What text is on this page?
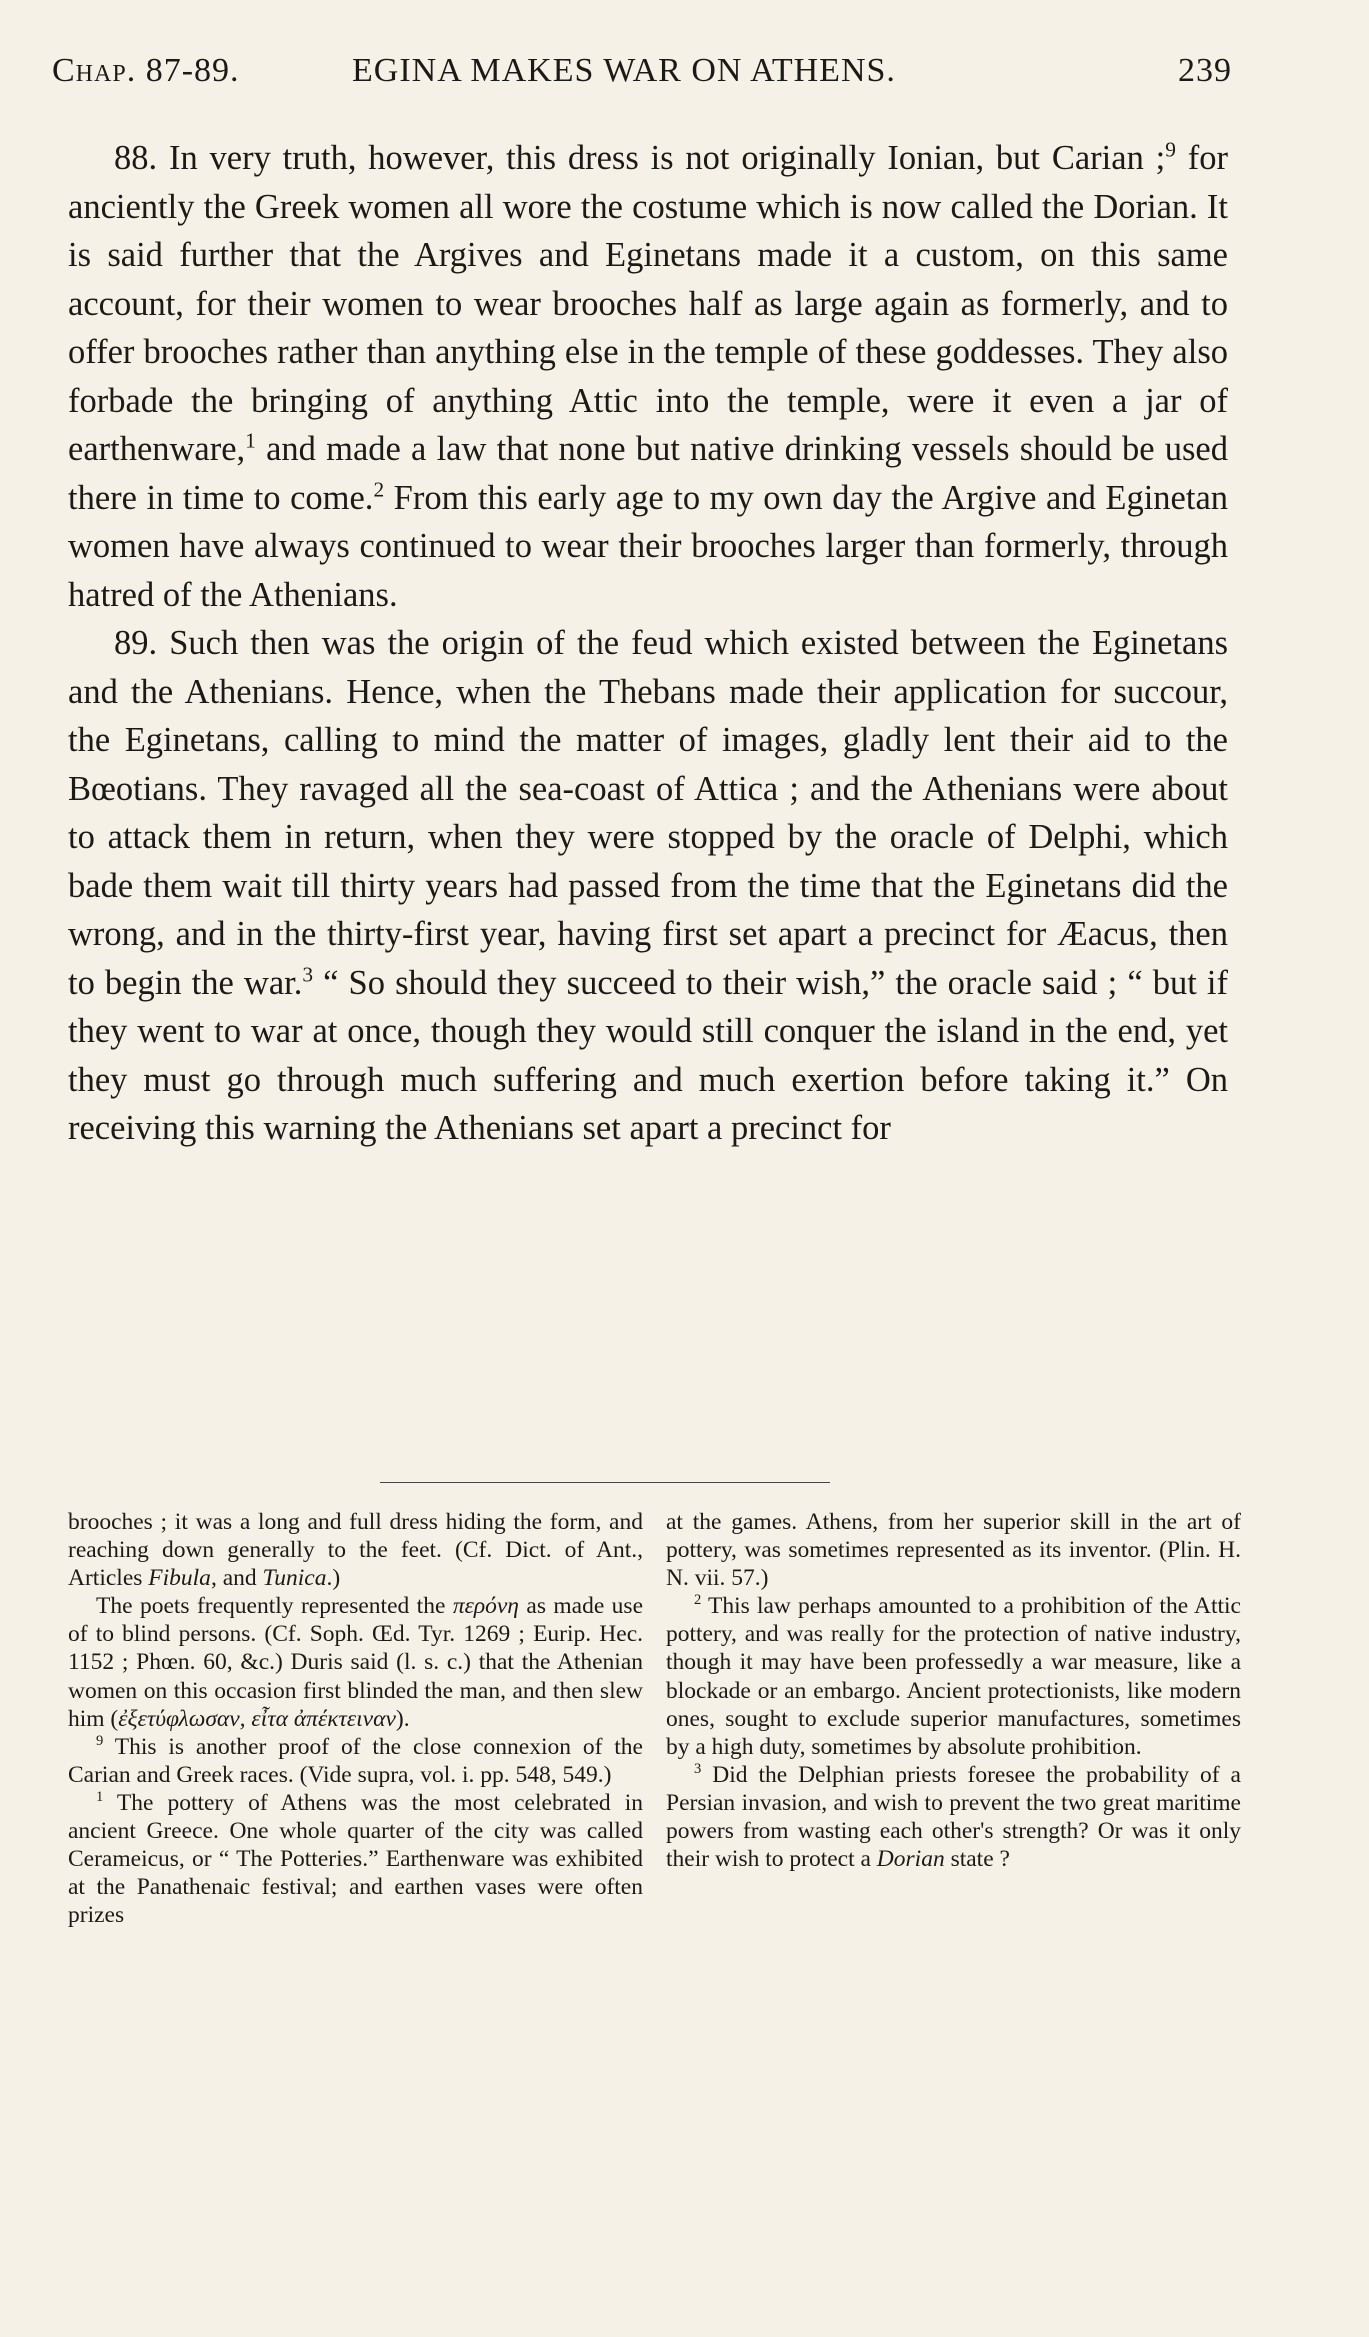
Chap. 87-89.	EGINA MAKES WAR ON ATHENS.	239

88. In very truth, however, this dress is not originally Ionian, but Carian ;$^9$ for anciently the Greek women all wore the costume which is now called the Dorian. It is said further that the Argives and Eginetans made it a custom, on this same account, for their women to wear brooches half as large again as formerly, and to offer brooches rather than anything else in the temple of these goddesses. They also forbade the bringing of anything Attic into the temple, were it even a jar of earthenware,$^1$ and made a law that none but native drinking vessels should be used there in time to come.$^2$ From this early age to my own day the Argive and Eginetan women have always continued to wear their brooches larger than formerly, through hatred of the Athenians.

89. Such then was the origin of the feud which existed between the Eginetans and the Athenians. Hence, when the Thebans made their application for succour, the Eginetans, calling to mind the matter of images, gladly lent their aid to the Bœotians. They ravaged all the sea-coast of Attica ; and the Athenians were about to attack them in return, when they were stopped by the oracle of Delphi, which bade them wait till thirty years had passed from the time that the Eginetans did the wrong, and in the thirty-first year, having first set apart a precinct for Æacus, then to begin the war.$^3$ “ So should they succeed to their wish,” the oracle said ; “ but if they went to war at once, though they would still conquer the island in the end, yet they must go through much suffering and much exertion before taking it.” On receiving this warning the Athenians set apart a precinct for

brooches ; it was a long and full dress hiding the form, and reaching down generally to the feet. (Cf. Dict. of Ant., Articles Fibula, and Tunica.)

The poets frequently represented the περόνη as made use of to blind persons. (Cf. Soph. Œd. Tyr. 1269 ; Eurip. Hec. 1152 ; Phœn. 60, &c.) Duris said (l. s. c.) that the Athenian women on this occasion first blinded the man, and then slew him (ἐξετύφλωσαν, εἶτα ἀπέκτειναν).

$^9$ This is another proof of the close connexion of the Carian and Greek races. (Vide supra, vol. i. pp. 548, 549.)

$^1$ The pottery of Athens was the most celebrated in ancient Greece. One whole quarter of the city was called Cerameicus, or “ The Potteries.” Earthenware was exhibited at the Panathenaic festival; and earthen vases were often prizes

at the games. Athens, from her superior skill in the art of pottery, was sometimes represented as its inventor. (Plin. H. N. vii. 57.)

$^2$ This law perhaps amounted to a prohibition of the Attic pottery, and was really for the protection of native industry, though it may have been professedly a war measure, like a blockade or an embargo. Ancient protectionists, like modern ones, sought to exclude superior manufactures, sometimes by a high duty, sometimes by absolute prohibition.

$^3$ Did the Delphian priests foresee the probability of a Persian invasion, and wish to prevent the two great maritime powers from wasting each other's strength? Or was it only their wish to protect a Dorian state ?
